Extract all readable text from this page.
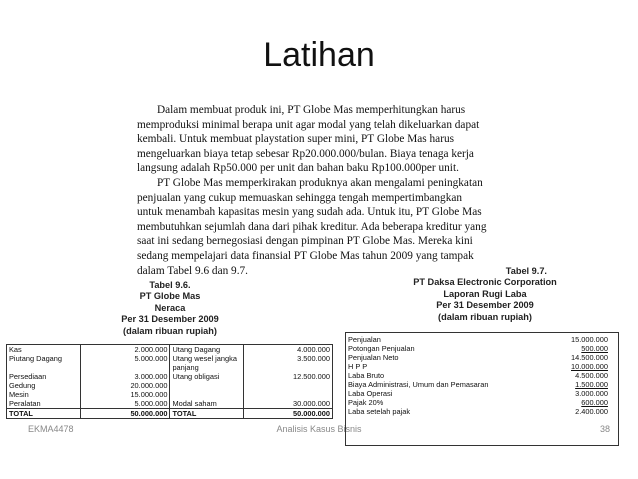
Latihan
Dalam membuat produk ini, PT Globe Mas memperhitungkan harus
memproduksi minimal berapa unit agar modal yang telah dikeluarkan dapat
kembali. Untuk membuat playstation super mini, PT Globe Mas harus
mengeluarkan biaya tetap sebesar Rp20.000.000/bulan. Biaya tenaga kerja
langsung adalah Rp50.000 per unit dan bahan baku Rp100.000per unit.
PT Globe Mas memperkirakan produknya akan mengalami peningkatan
penjualan yang cukup memuaskan sehingga tengah mempertimbangkan
untuk menambah kapasitas mesin yang sudah ada. Untuk itu, PT Globe Mas
membutuhkan sejumlah dana dari pihak kreditur. Ada beberapa kreditur yang
saat ini sedang bernegosiasi dengan pimpinan PT Globe Mas. Mereka kini
sedang mempelajari data finansial PT Globe Mas tahun 2009 yang tampak
dalam Tabel 9.6 dan 9.7.
Tabel 9.6.
PT Globe Mas
Neraca
Per 31 Desember 2009
(dalam ribuan rupiah)
Kas	2.000.000	Utang Dagang	4.000.000
Piutang Dagang	5.000.000	Utang wesel jangka	3.500.000
		panjang	
Persediaan	3.000.000	Utang obligasi	12.500.000
Gedung	20.000.000		
Mesin	15.000.000		
Peralatan	5.000.000	Modal saham	30.000.000
TOTAL	50.000.000	TOTAL	50.000.000
Tabel 9.7.
PT Daksa Electronic Corporation
Laporan Rugi Laba
Per 31 Desember 2009
(dalam ribuan rupiah)
Penjualan	15.000.000
Potongan Penjualan	500.000
Penjualan Neto	14.500.000
H P P	10.000.000
Laba Bruto	4.500.000
Biaya Administrasi, Umum dan Pemasaran	1.500.000
Laba Operasi	3.000.000
Pajak 20%	600.000
Laba setelah pajak	2.400.000
EKMA4478	Analisis Kasus Bisnis	38
